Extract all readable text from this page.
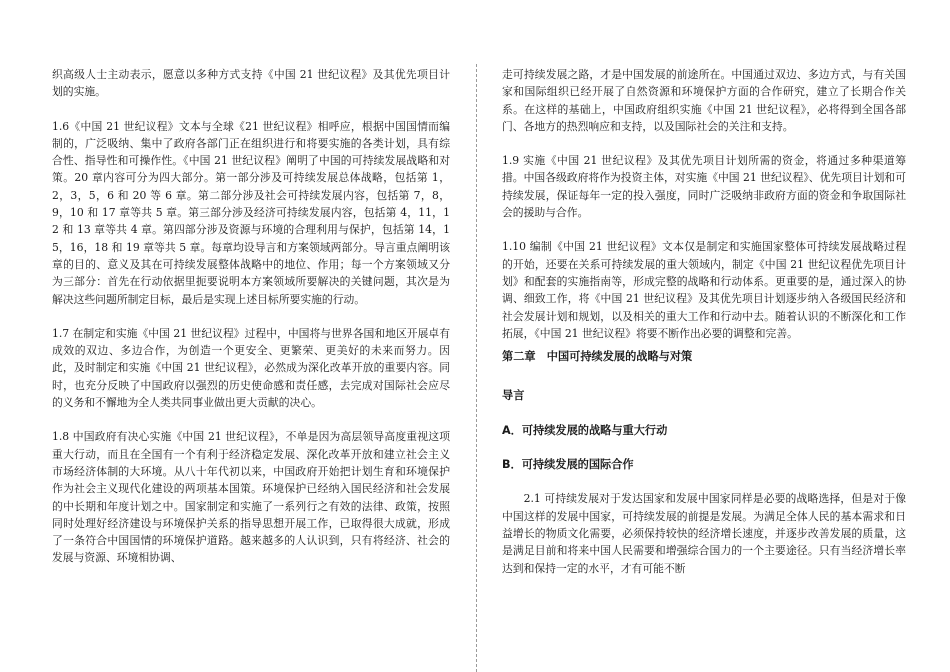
织高级人士主动表示，愿意以多种方式支持《中国 21 世纪议程》及其优先项目计划的实施。

1.6《中国 21 世纪议程》文本与全球《21 世纪议程》相呼应，根据中国国情而编制的，广泛吸纳、集中了政府各部门正在组织进行和将要实施的各类计划，具有综合性、指导性和可操作性。《中国 21 世纪议程》阐明了中国的可持续发展战略和对策。20 章内容可分为四大部分。第一部分涉及可持续发展总体战略，包括第 1，2，3，5，6 和 20 等 6 章。第二部分涉及社会可持续发展内容，包括第 7，8，9，10 和 17 章等共 5 章。第三部分涉及经济可持续发展内容，包括第 4，11，12 和 13 章等共 4 章。第四部分涉及资源与环境的合理利用与保护，包括第 14，15，16，18 和 19 章等共 5 章。每章均设导言和方案领域两部分。导言重点阐明该章的目的、意义及其在可持续发展整体战略中的地位、作用；每一个方案领域又分为三部分：首先在行动依据里扼要说明本方案领域所要解决的关键问题，其次是为解决这些问题所制定目标，最后是实现上述目标所要实施的行动。

1.7 在制定和实施《中国 21 世纪议程》过程中，中国将与世界各国和地区开展卓有成效的双边、多边合作，为创造一个更安全、更繁荣、更美好的未来而努力。因此，及时制定和实施《中国 21 世纪议程》，必然成为深化改革开放的重要内容。同时，也充分反映了中国政府以强烈的历史使命感和责任感，去完成对国际社会应尽的义务和不懈地为全人类共同事业做出更大贡献的决心。

1.8 中国政府有决心实施《中国 21 世纪议程》，不单是因为高层领导高度重视这项重大行动，而且在全国有一个有利于经济稳定发展、深化改革开放和建立社会主义市场经济体制的大环境。从八十年代初以来，中国政府开始把计划生育和环境保护作为社会主义现代化建设的两项基本国策。环境保护已经纳入国民经济和社会发展的中长期和年度计划之中。国家制定和实施了一系列行之有效的法律、政策，按照同时处理好经济建设与环境保护关系的指导思想开展工作，已取得很大成就，形成了一条符合中国国情的环境保护道路。越来越多的人认识到，只有将经济、社会的发展与资源、环境相协调、

走可持续发展之路，才是中国发展的前途所在。中国通过双边、多边方式，与有关国家和国际组织已经开展了自然资源和环境保护方面的合作研究，建立了长期合作关系。在这样的基础上，中国政府组织实施《中国 21 世纪议程》，必将得到全国各部门、各地方的热烈响应和支持，以及国际社会的关注和支持。

1.9 实施《中国 21 世纪议程》及其优先项目计划所需的资金，将通过多种渠道筹措。中国各级政府将作为投资主体，对实施《中国 21 世纪议程》、优先项目计划和可持续发展，保证每年一定的投入强度，同时广泛吸纳非政府方面的资金和争取国际社会的援助与合作。

1.10 编制《中国 21 世纪议程》文本仅是制定和实施国家整体可持续发展战略过程的开始，还要在关系可持续发展的重大领域内，制定《中国 21 世纪议程优先项目计划》和配套的实施指南等，形成完整的战略和行动体系。更重要的是，通过深入的协调、细致工作，将《中国 21 世纪议程》及其优先项目计划逐步纳入各级国民经济和社会发展计划和规划，以及相关的重大工作和行动中去。随着认识的不断深化和工作拓展，《中国 21 世纪议程》将要不断作出必要的调整和完善。

第二章　中国可持续发展的战略与对策

导言

A．可持续发展的战略与重大行动

B．可持续发展的国际合作

2.1 可持续发展对于发达国家和发展中国家同样是必要的战略选择，但是对于像中国这样的发展中国家，可持续发展的前提是发展。为满足全体人民的基本需求和日益增长的物质文化需要，必须保持较快的经济增长速度，并逐步改善发展的质量，这是满足目前和将来中国人民需要和增强综合国力的一个主要途径。只有当经济增长率达到和保持一定的水平，才有可能不断
